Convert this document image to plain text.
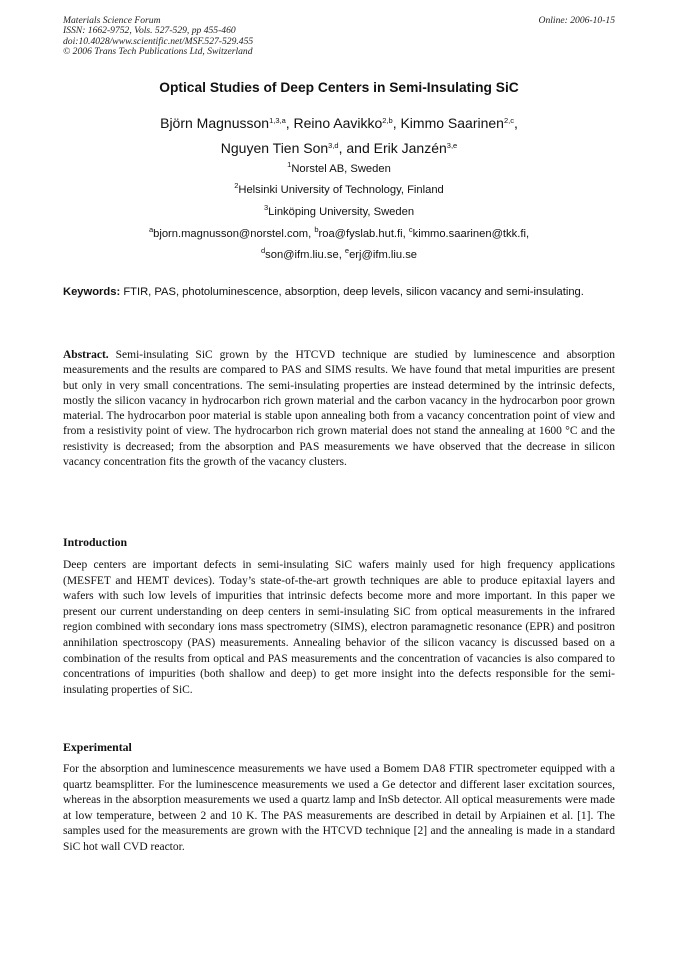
Materials Science Forum
ISSN: 1662-9752, Vols. 527-529, pp 455-460
doi:10.4028/www.scientific.net/MSF.527-529.455
© 2006 Trans Tech Publications Ltd, Switzerland
Online: 2006-10-15
Optical Studies of Deep Centers in Semi-Insulating SiC
Björn Magnusson$^{1,3,a}$, Reino Aavikko$^{2,b}$, Kimmo Saarinen$^{2,c}$,
Nguyen Tien Son$^{3,d}$, and Erik Janzén$^{3,e}$
$^1$Norstel AB, Sweden
$^2$Helsinki University of Technology, Finland
$^3$Linköping University, Sweden
$^a$bjorn.magnusson@norstel.com, $^b$roa@fyslab.hut.fi, $^c$kimmo.saarinen@tkk.fi,
$^d$son@ifm.liu.se, $^e$erj@ifm.liu.se
Keywords: FTIR, PAS, photoluminescence, absorption, deep levels, silicon vacancy and semi-insulating.
Abstract. Semi-insulating SiC grown by the HTCVD technique are studied by luminescence and absorption measurements and the results are compared to PAS and SIMS results. We have found that metal impurities are present but only in very small concentrations. The semi-insulating properties are instead determined by the intrinsic defects, mostly the silicon vacancy in hydrocarbon rich grown material and the carbon vacancy in the hydrocarbon poor grown material. The hydrocarbon poor material is stable upon annealing both from a vacancy concentration point of view and from a resistivity point of view. The hydrocarbon rich grown material does not stand the annealing at 1600 °C and the resistivity is decreased; from the absorption and PAS measurements we have observed that the decrease in silicon vacancy concentration fits the growth of the vacancy clusters.
Introduction
Deep centers are important defects in semi-insulating SiC wafers mainly used for high frequency applications (MESFET and HEMT devices). Today’s state-of-the-art growth techniques are able to produce epitaxial layers and wafers with such low levels of impurities that intrinsic defects become more and more important. In this paper we present our current understanding on deep centers in semi-insulating SiC from optical measurements in the infrared region combined with secondary ions mass spectrometry (SIMS), electron paramagnetic resonance (EPR) and positron annihilation spectroscopy (PAS) measurements. Annealing behavior of the silicon vacancy is discussed based on a combination of the results from optical and PAS measurements and the concentration of vacancies is also compared to concentrations of impurities (both shallow and deep) to get more insight into the defects responsible for the semi-insulating properties of SiC.
Experimental
For the absorption and luminescence measurements we have used a Bomem DA8 FTIR spectrometer equipped with a quartz beamsplitter. For the luminescence measurements we used a Ge detector and different laser excitation sources, whereas in the absorption measurements we used a quartz lamp and InSb detector. All optical measurements were made at low temperature, between 2 and 10 K. The PAS measurements are described in detail by Arpiainen et al. [1]. The samples used for the measurements are grown with the HTCVD technique [2] and the annealing is made in a standard SiC hot wall CVD reactor.
